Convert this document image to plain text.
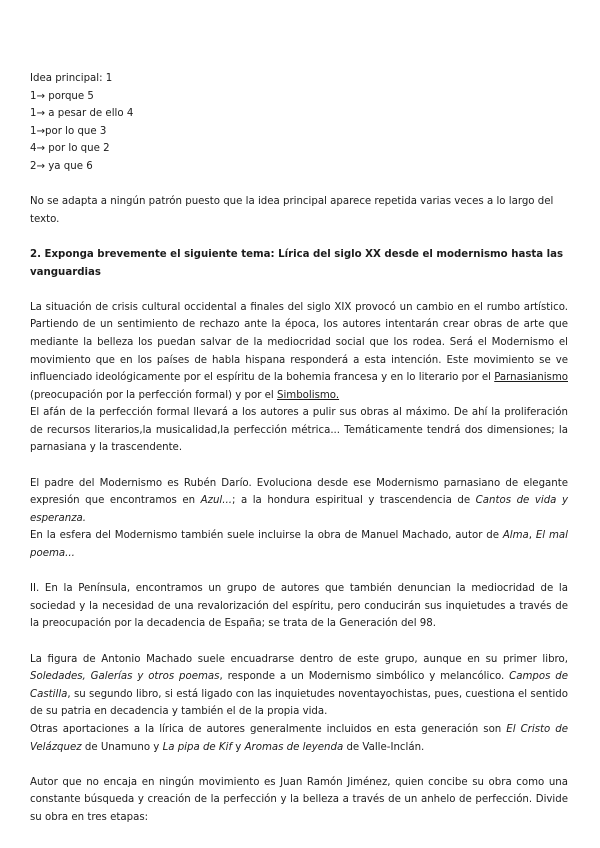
Idea principal: 1
1→ porque 5
1→ a pesar de ello 4
1→por lo que 3
4→ por lo que 2
2→ ya que 6

No se adapta a ningún patrón puesto que la idea principal aparece repetida varias veces a lo largo del texto.

2. Exponga brevemente el siguiente tema: Lírica del siglo XX desde el modernismo hasta las vanguardias

La situación de crisis cultural occidental a finales del siglo XIX provocó un cambio en el rumbo artístico. Partiendo de un sentimiento de rechazo ante la época, los autores intentarán crear obras de arte que mediante la belleza los puedan salvar de la mediocridad social que los rodea. Será el Modernismo el movimiento que en los países de habla hispana responderá a esta intención. Este movimiento se ve influenciado ideológicamente por el espíritu de la bohemia francesa y en lo literario por el Parnasianismo (preocupación por la perfección formal) y por el Simbolismo.

El afán de la perfección formal llevará a los autores a pulir sus obras al máximo. De ahí la proliferación de recursos literarios,la musicalidad,la perfección métrica... Temáticamente tendrá dos dimensiones; la parnasiana y la trascendente.

El padre del Modernismo es Rubén Darío. Evoluciona desde ese Modernismo parnasiano de elegante expresión que encontramos en Azul...; a la hondura espiritual y trascendencia de Cantos de vida y esperanza.

En la esfera del Modernismo también suele incluirse la obra de Manuel Machado, autor de Alma, El mal poema...

II. En la Península, encontramos un grupo de autores que también denuncian la mediocridad de la sociedad y la necesidad de una revalorización del espíritu, pero conducirán sus inquietudes a través de la preocupación por la decadencia de España; se trata de la Generación del 98.

La figura de Antonio Machado suele encuadrarse dentro de este grupo, aunque en su primer libro, Soledades, Galerías y otros poemas, responde a un Modernismo simbólico y melancólico. Campos de Castilla, su segundo libro, si está ligado con las inquietudes noventayochistas, pues, cuestiona el sentido de su patria en decadencia y también el de la propia vida.

Otras aportaciones a la lírica de autores generalmente incluidos en esta generación son El Cristo de Velázquez de Unamuno y La pipa de Kif y Aromas de leyenda de Valle-Inclán.

Autor que no encaja en ningún movimiento es Juan Ramón Jiménez, quien concibe su obra como una constante búsqueda y creación de la perfección y la belleza a través de un anhelo de perfección. Divide su obra en tres etapas:
